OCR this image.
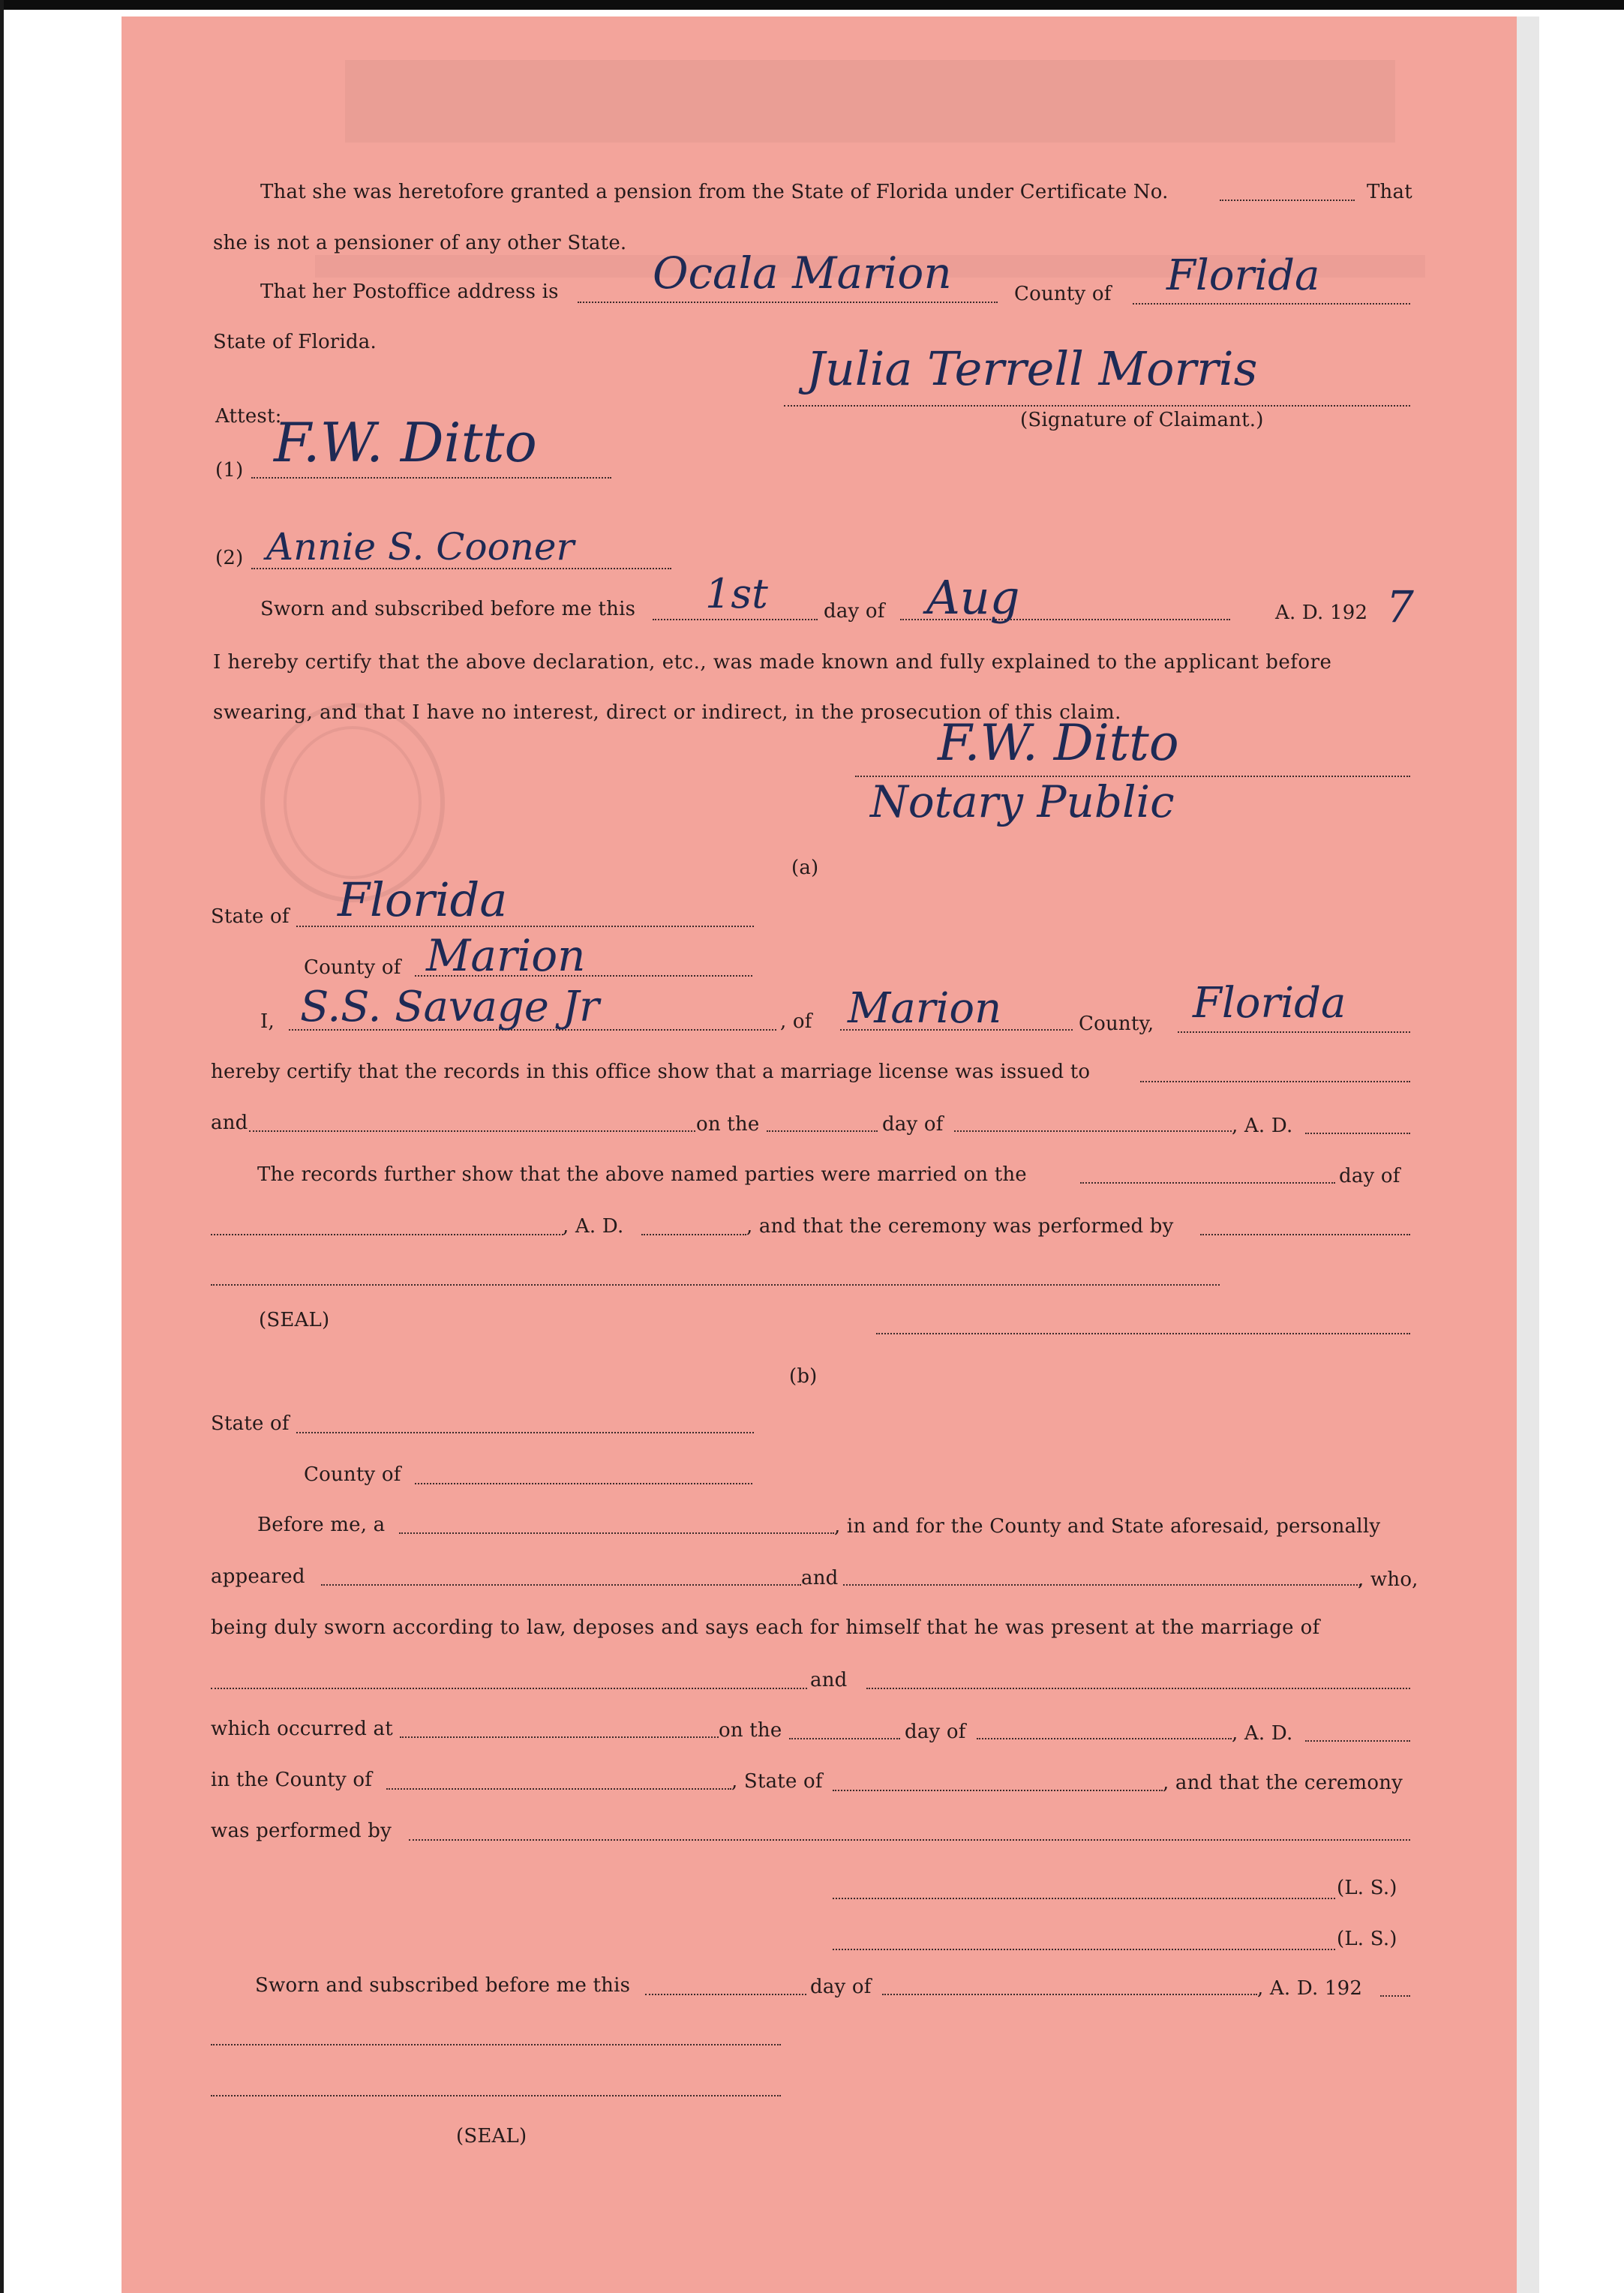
That she was heretofore granted a pension from the State of Florida under Certificate No.	That
she is not a pensioner of any other State.
That her Postoffice address is Ocala Marion	County of Florida
State of Florida.	Julia Terrell Morris
(Signature of Claimant.)
Attest:
(1) F.W. Ditto
(2) Annie S. Cooner
Sworn and subscribed before me this 1st	day of Aug	A. D. 192 7
I hereby certify that the above declaration, etc., was made known and fully explained to the applicant before
swearing, and that I have no interest, direct or indirect, in the prosecution of this claim.
F.W. Ditto
Notary Public
(a)
State of Florida
County of Marion
I, S.S. Savage Jr	, of Marion	County, Florida
hereby certify that the records in this office show that a marriage license was issued to
and	on the	day of	, A. D.
The records further show that the above named parties were married on the	day of
, A. D.	, and that the ceremony was performed by
(SEAL)
(b)
State of
County of
Before me, a	, in and for the County and State aforesaid, personally
appeared	and	, who,
being duly sworn according to law, deposes and says each for himself that he was present at the marriage of
and
which occurred at	on the	day of	, A. D.
in the County of	, State of	, and that the ceremony
was performed by
(L. S.)
(L. S.)
Sworn and subscribed before me this	day of	, A. D. 192
(SEAL)
